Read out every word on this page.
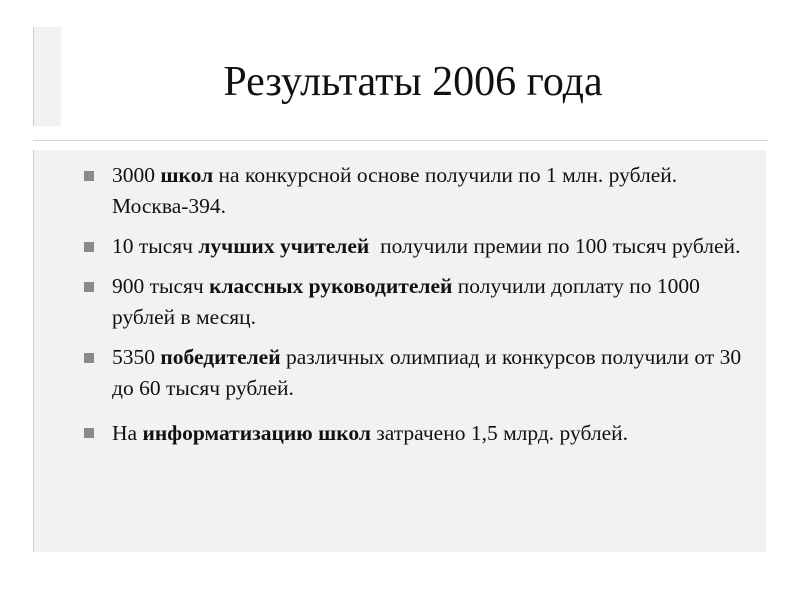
Результаты 2006 года
3000 школ на конкурсной основе получили по 1 млн. рублей. Москва-394.
10 тысяч лучших учителей  получили премии по 100 тысяч рублей.
900 тысяч классных руководителей получили доплату по 1000 рублей в месяц.
5350 победителей различных олимпиад и конкурсов получили от 30 до 60 тысяч рублей.
На информатизацию школ затрачено 1,5 млрд. рублей.
